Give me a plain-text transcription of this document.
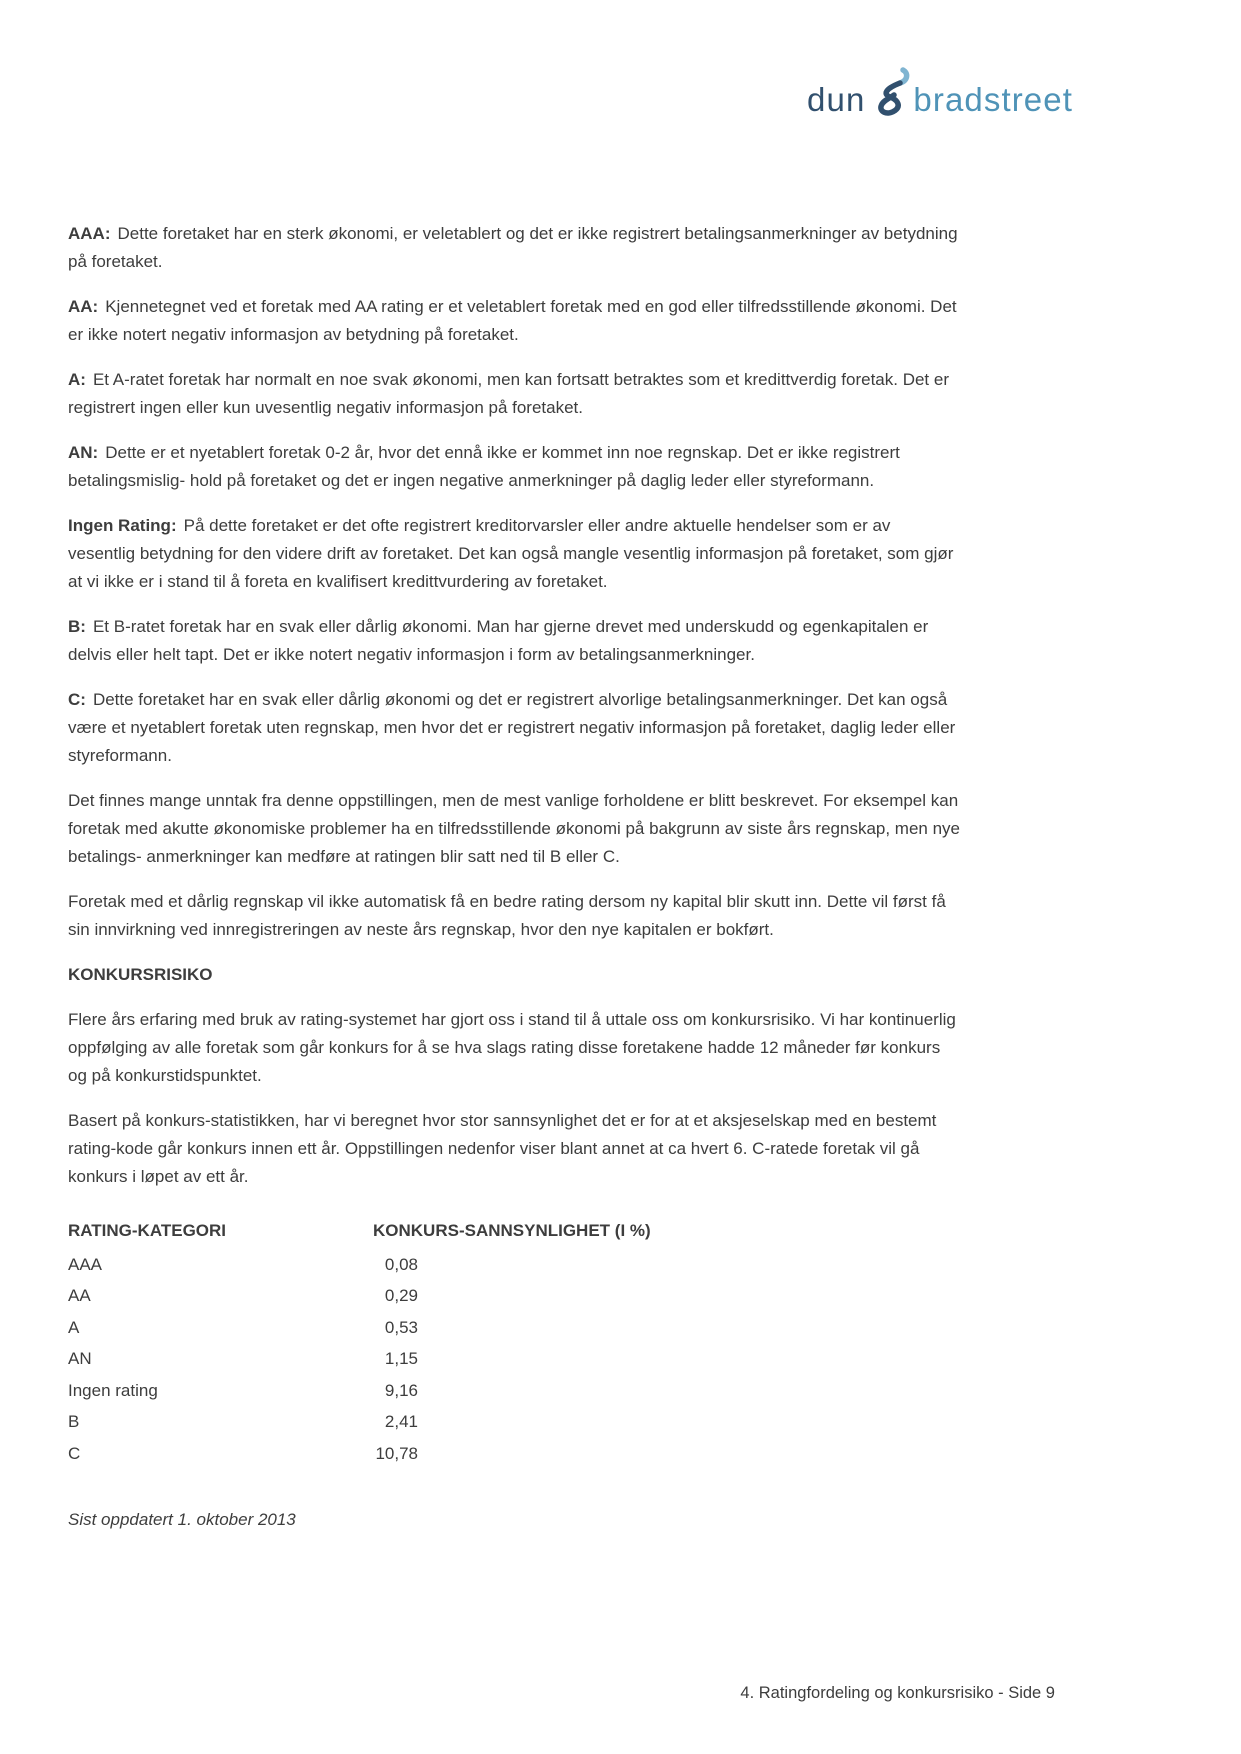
dun bradstreet

AAA: Dette foretaket har en sterk økonomi, er veletablert og det er ikke registrert betalingsanmerkninger av betydning på foretaket.

AA: Kjennetegnet ved et foretak med AA rating er et veletablert foretak med en god eller tilfredsstillende økonomi. Det er ikke notert negativ informasjon av betydning på foretaket.

A: Et A-ratet foretak har normalt en noe svak økonomi, men kan fortsatt betraktes som et kredittverdig foretak. Det er registrert ingen eller kun uvesentlig negativ informasjon på foretaket.

AN: Dette er et nyetablert foretak 0-2 år, hvor det ennå ikke er kommet inn noe regnskap. Det er ikke registrert betalingsmislig- hold på foretaket og det er ingen negative anmerkninger på daglig leder eller styreformann.

Ingen Rating: På dette foretaket er det ofte registrert kreditorvarsler eller andre aktuelle hendelser som er av vesentlig betydning for den videre drift av foretaket. Det kan også mangle vesentlig informasjon på foretaket, som gjør at vi ikke er i stand til å foreta en kvalifisert kredittvurdering av foretaket.

B: Et B-ratet foretak har en svak eller dårlig økonomi. Man har gjerne drevet med underskudd og egenkapitalen er delvis eller helt tapt. Det er ikke notert negativ informasjon i form av betalingsanmerkninger.

C: Dette foretaket har en svak eller dårlig økonomi og det er registrert alvorlige betalingsanmerkninger. Det kan også være et nyetablert foretak uten regnskap, men hvor det er registrert negativ informasjon på foretaket, daglig leder eller styreformann.

Det finnes mange unntak fra denne oppstillingen, men de mest vanlige forholdene er blitt beskrevet. For eksempel kan foretak med akutte økonomiske problemer ha en tilfredsstillende økonomi på bakgrunn av siste års regnskap, men nye betalings- anmerkninger kan medføre at ratingen blir satt ned til B eller C.

Foretak med et dårlig regnskap vil ikke automatisk få en bedre rating dersom ny kapital blir skutt inn. Dette vil først få sin innvirkning ved innregistreringen av neste års regnskap, hvor den nye kapitalen er bokført.

KONKURSRISIKO

Flere års erfaring med bruk av rating-systemet har gjort oss i stand til å uttale oss om konkursrisiko. Vi har kontinuerlig oppfølging av alle foretak som går konkurs for å se hva slags rating disse foretakene hadde 12 måneder før konkurs og på konkurstidspunktet.

Basert på konkurs-statistikken, har vi beregnet hvor stor sannsynlighet det er for at et aksjeselskap med en bestemt rating-kode går konkurs innen ett år. Oppstillingen nedenfor viser blant annet at ca hvert 6. C-ratede foretak vil gå konkurs i løpet av ett år.

RATING-KATEGORI	KONKURS-SANNSYNLIGHET (I %)
AAA	0,08
AA	0,29
A	0,53
AN	1,15
Ingen rating	9,16
B	2,41
C	10,78

Sist oppdatert 1. oktober 2013

4. Ratingfordeling og konkursrisiko - Side 9
